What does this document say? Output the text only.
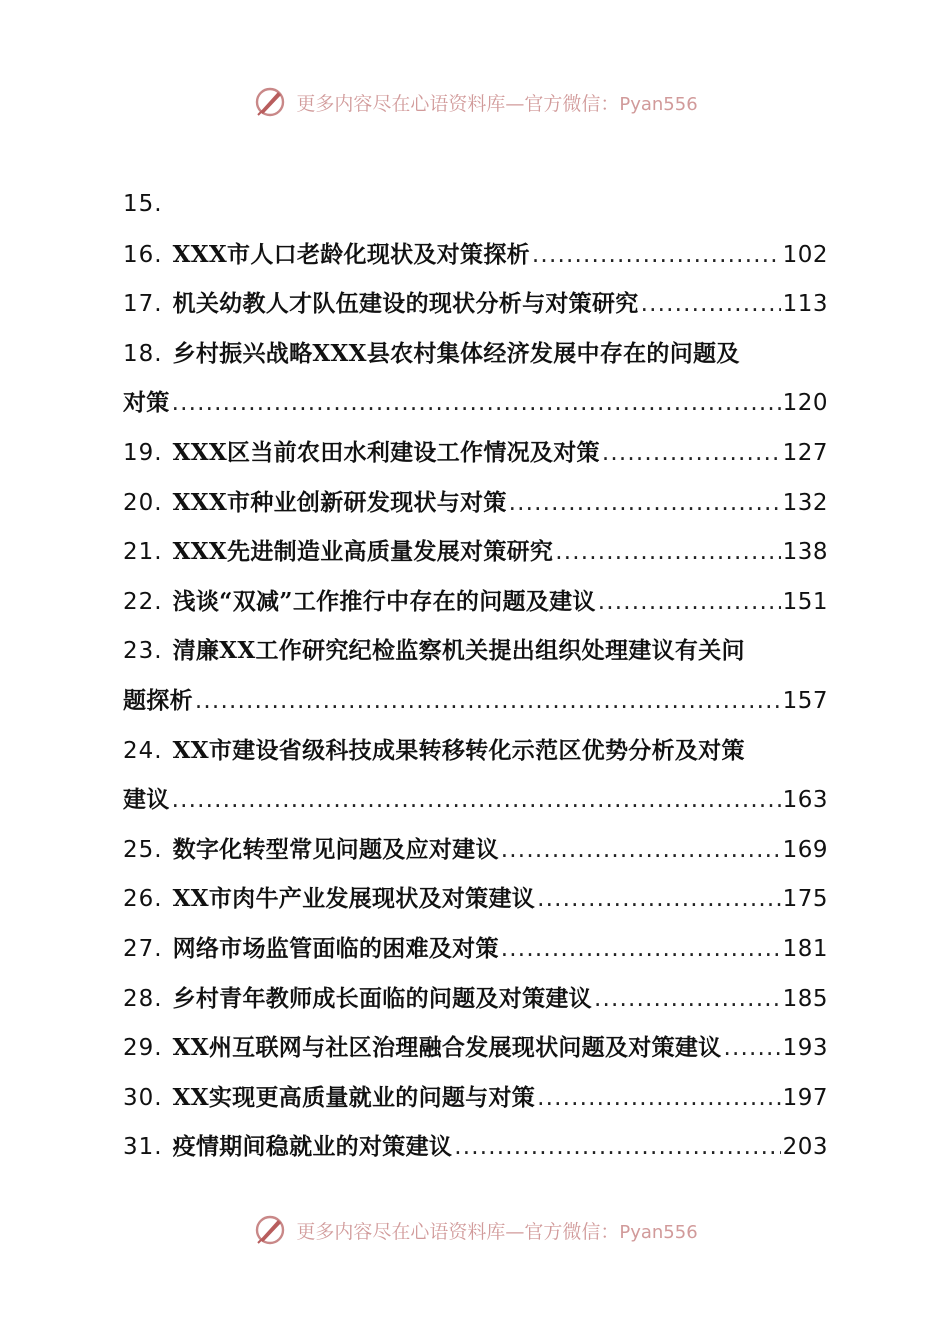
更多内容尽在心语资料库—官方微信：Pyan556
15.
16. XXX市人口老龄化现状及对策探析 .....	102
17. 机关幼教人才队伍建设的现状分析与对策研究 .....	113
18. 乡村振兴战略XXX县农村集体经济发展中存在的问题及
对策 .....	120
19. XXX区当前农田水利建设工作情况及对策 .....	127
20. XXX市种业创新研发现状与对策 .....	132
21. XXX先进制造业高质量发展对策研究 .....	138
22. 浅谈“双减”工作推行中存在的问题及建议 .....	151
23. 清廉XX工作研究纪检监察机关提出组织处理建议有关问
题探析 .....	157
24. XX市建设省级科技成果转移转化示范区优势分析及对策
建议 .....	163
25. 数字化转型常见问题及应对建议 .....	169
26. XX市肉牛产业发展现状及对策建议 .....	175
27. 网络市场监管面临的困难及对策 .....	181
28. 乡村青年教师成长面临的问题及对策建议 .....	185
29. XX州互联网与社区治理融合发展现状问题及对策建议 .....	193
30. XX实现更高质量就业的问题与对策 .....	197
31. 疫情期间稳就业的对策建议 .....	203
更多内容尽在心语资料库—官方微信：Pyan556
